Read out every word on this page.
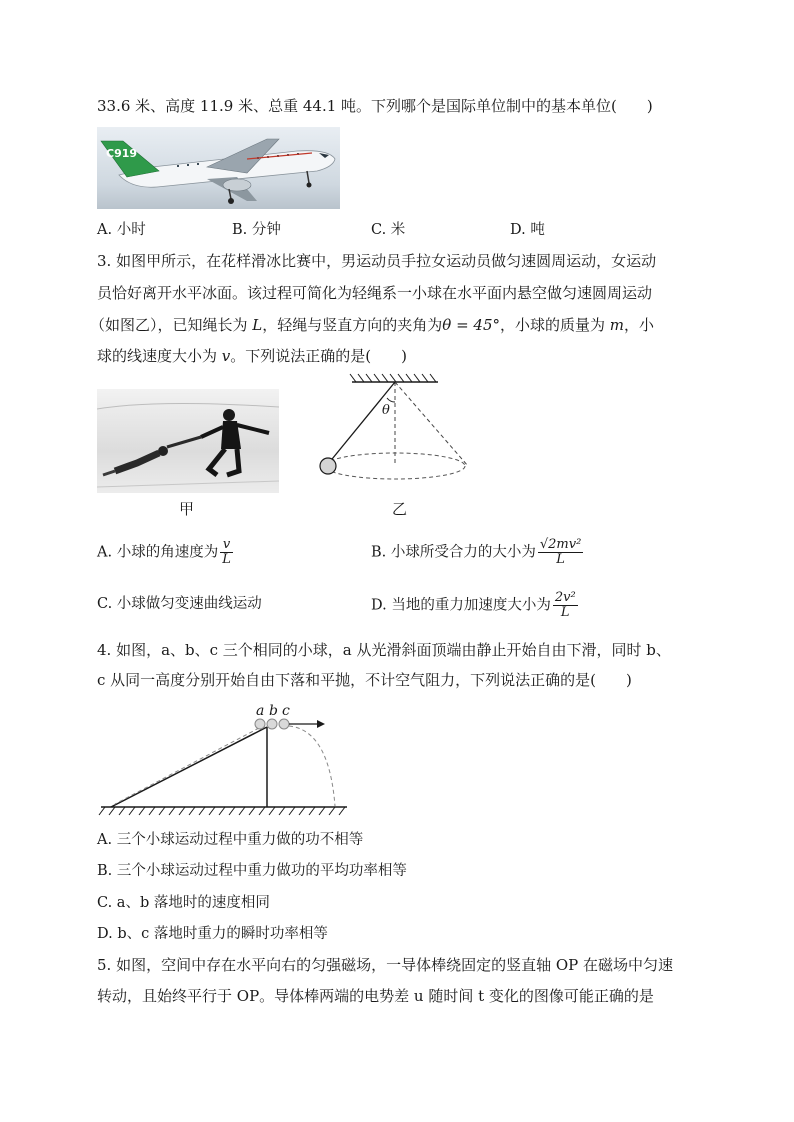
33.6 米、高度 11.9 米、总重 44.1 吨。下列哪个是国际单位制中的基本单位(　　)
C919
A. 小时	B. 分钟	C. 米	D. 吨
3. 如图甲所示，在花样滑冰比赛中，男运动员手拉女运动员做匀速圆周运动，女运动
员恰好离开水平冰面。该过程可简化为轻绳系一小球在水平面内悬空做匀速圆周运动
（如图乙），已知绳长为 L，轻绳与竖直方向的夹角为θ = 45°，小球的质量为 m，小
球的线速度大小为 v。下列说法正确的是(　　)
甲
θ
乙
A. 小球的角速度为 $\frac{v}{L}$	B. 小球所受合力的大小为 $\frac{\text{√2mv²}}{L}$
C. 小球做匀变速曲线运动	D. 当地的重力加速度大小为 $\frac{\text{2v²}}{L}$
4. 如图，a、b、c 三个相同的小球，a 从光滑斜面顶端由静止开始自由下滑，同时 b、
c 从同一高度分别开始自由下落和平抛，不计空气阻力，下列说法正确的是(　　)
a b c
A. 三个小球运动过程中重力做的功不相等
B. 三个小球运动过程中重力做功的平均功率相等
C. a、b 落地时的速度相同
D. b、c 落地时重力的瞬时功率相等
5. 如图，空间中存在水平向右的匀强磁场，一导体棒绕固定的竖直轴 OP 在磁场中匀速
转动，且始终平行于 OP。导体棒两端的电势差 u 随时间 t 变化的图像可能正确的是
